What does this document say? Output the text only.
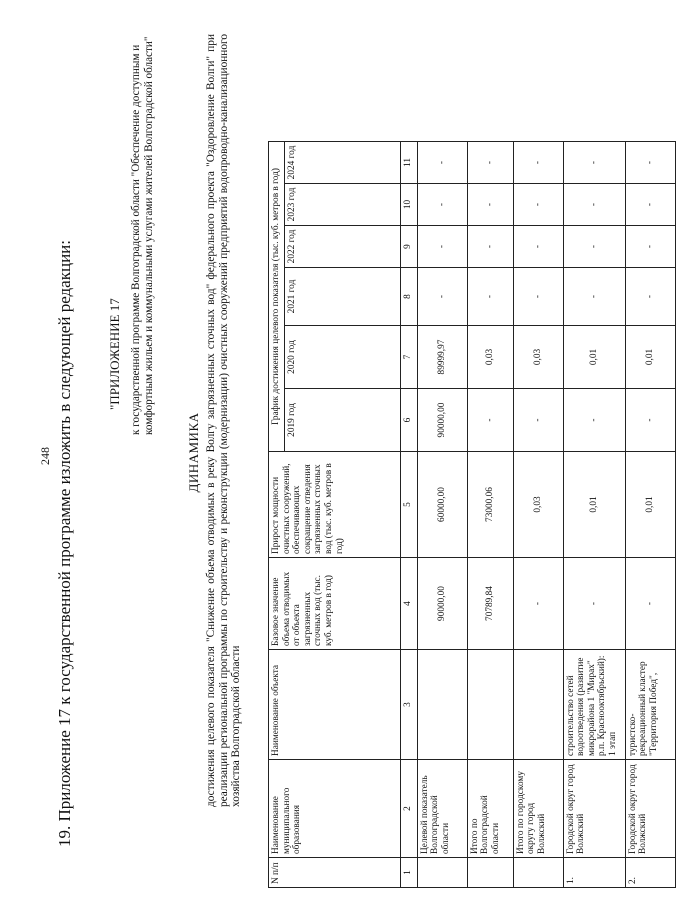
248 19. Приложение 17 к государственной программе изложить в следующей редакции:	"ПРИЛОЖЕНИЕ 17 к государственной программе Волгоградской области "Обеспечение доступным и комфортным жильем и коммунальными услугами жителей Волгоградской области"
ДИНАМИКА достижения целевого показателя "Снижение объема отводимых в реку Волгу загрязненных сточных вод" федерального проекта "Оздоровление Волги" при реализации региональной программы по строительству и реконструкции (модернизации) очистных сооружений предприятий водопроводно-канализационного хозяйства Волгоградской области
N п/п	Наименование муниципального образования	Наименование объекта	Базовое значение объема отводимых от объекта загрязненных сточных вод (тыс. куб. метров в год)	Прирост мощности очистных сооружений, обеспечивающих сокращение отведения загрязненных сточных вод (тыс. куб. метров в год)	График достижения целевого показателя (тыс. куб. метров в год)					
					2019 год	2020 год	2021 год	2022 год	2023 год	2024 год
1	2	3	4	5	6	7	8	9	10	11
	Целевой показатель Волгоградской области		90000,00	60000,00	90000,00	89999,97	-	-	-	-
	Итого по Волгоградской области		70789,84	73000,06	-	0,03	-	-	-	-
	Итого по городскому округу город Волжский		-	0,03	-	0,03	-	-	-	-
1.	Городской округ город Волжский	строительство сетей водоотведения (развитие микрорайона 1 "Мирах" р.п. Краснооктябрьский): 1 этап	-	0,01	-	0,01	-	-	-	-
2.	Городской округ город Волжский	туристско-рекреационный кластер "Территория Побед",	-	0,01	-	0,01	-	-	-	-
